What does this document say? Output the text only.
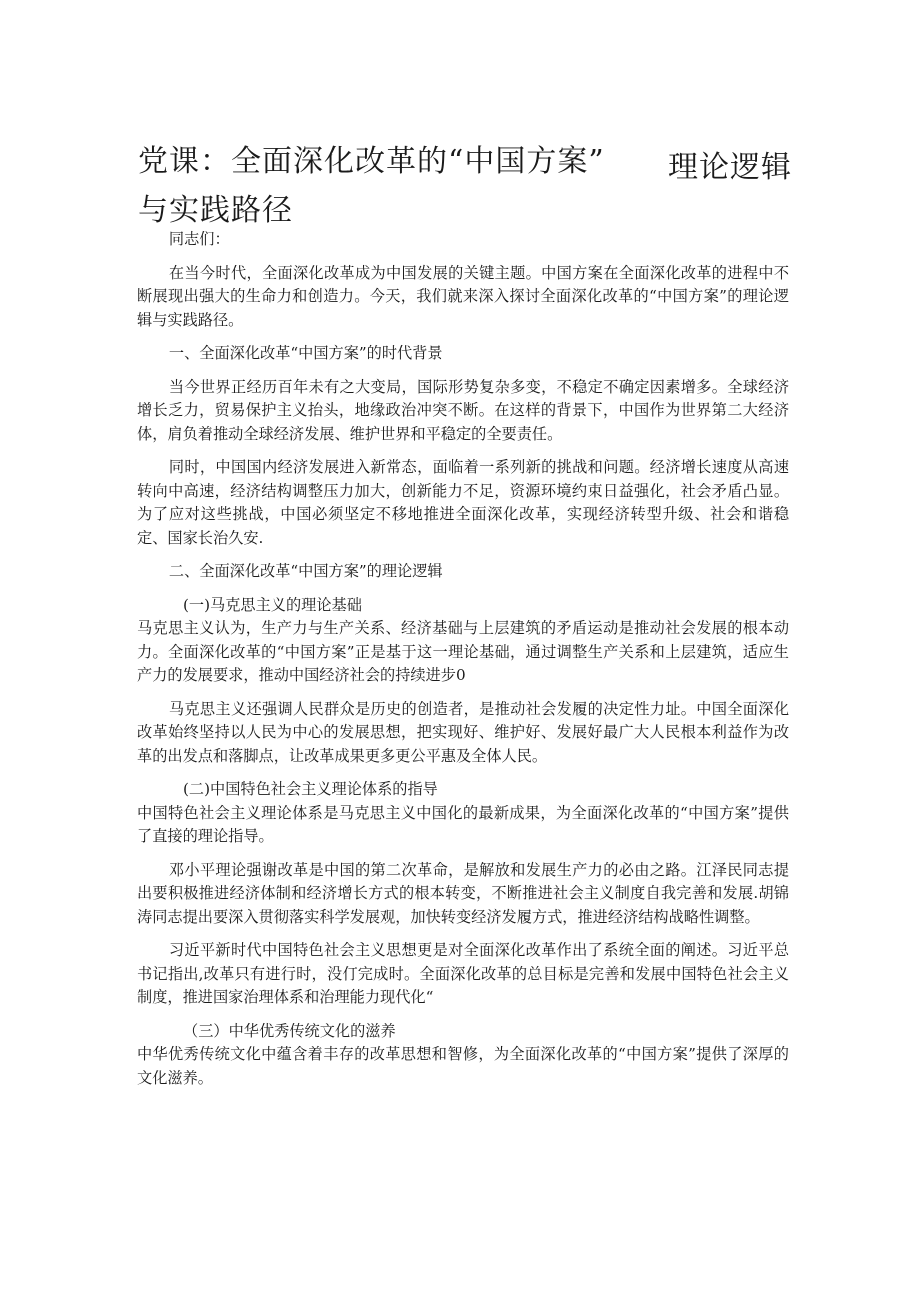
党课：全面深化改革的“中国方案” 理论逻辑
与实践路径

同志们：

在当今时代，全面深化改革成为中国发展的关键主题。中国方案在全面深化改革的进程中不断展现出强大的生命力和创造力。今天，我们就来深入探讨全面深化改革的“中国方案”的理论逻辑与实践路径。

一、全面深化改革“中国方案”的时代背景

当今世界正经历百年未有之大变局，国际形势复杂多变，不稳定不确定因素增多。全球经济增长乏力，贸易保护主义抬头，地缘政治冲突不断。在这样的背景下，中国作为世界第二大经济体，肩负着推动全球经济发展、维护世界和平稳定的全要责任。

同时，中国国内经济发展进入新常态，面临着一系列新的挑战和问题。经济增长速度从高速转向中高速，经济结构调整压力加大，创新能力不足，资源环境约束日益强化，社会矛盾凸显。为了应对这些挑战，中国必须坚定不移地推进全面深化改革，实现经济转型升级、社会和谐稳定、国家长治久安.

二、全面深化改革“中国方案”的理论逻辑

(一)马克思主义的理论基础

马克思主义认为，生产力与生产关系、经济基础与上层建筑的矛盾运动是推动社会发展的根本动力。全面深化改革的“中国方案”正是基于这一理论基础，通过调整生产关系和上层建筑，适应生产力的发展要求，推动中国经济社会的持续进步0

马克思主义还强调人民群众是历史的创造者，是推动社会发履的决定性力址。中国全面深化改革始终坚持以人民为中心的发展思想，把实现好、维护好、发展好最广大人民根本利益作为改革的出发点和落脚点，让改革成果更多更公平惠及全体人民。

(二)中国特色社会主义理论体系的指导

中国特色社会主义理论体系是马克思主义中国化的最新成果，为全面深化改革的“中国方案”提供了直接的理论指导。

邓小平理论强谢改革是中国的第二次革命，是解放和发展生产力的必由之路。江泽民同志提出要积极推进经济体制和经济增长方式的根本转变，不断推进社会主义制度自我完善和发展.胡锦涛同志提出要深入贯彻落实科学发展观，加快转变经济发履方式，推进经济结构战略性调整。

习近平新时代中国特色社会主义思想更是对全面深化改革作出了系统全面的阐述。习近平总书记指出,改革只有进行时，没仃完成时。全面深化改革的总目标是完善和发展中国特色社会主义制度，推进国家治理体系和治理能力现代化“

（三）中华优秀传统文化的滋养

中华优秀传统文化中蕴含着丰存的改革思想和智修，为全面深化改革的“中国方案”提供了深厚的文化滋养。
